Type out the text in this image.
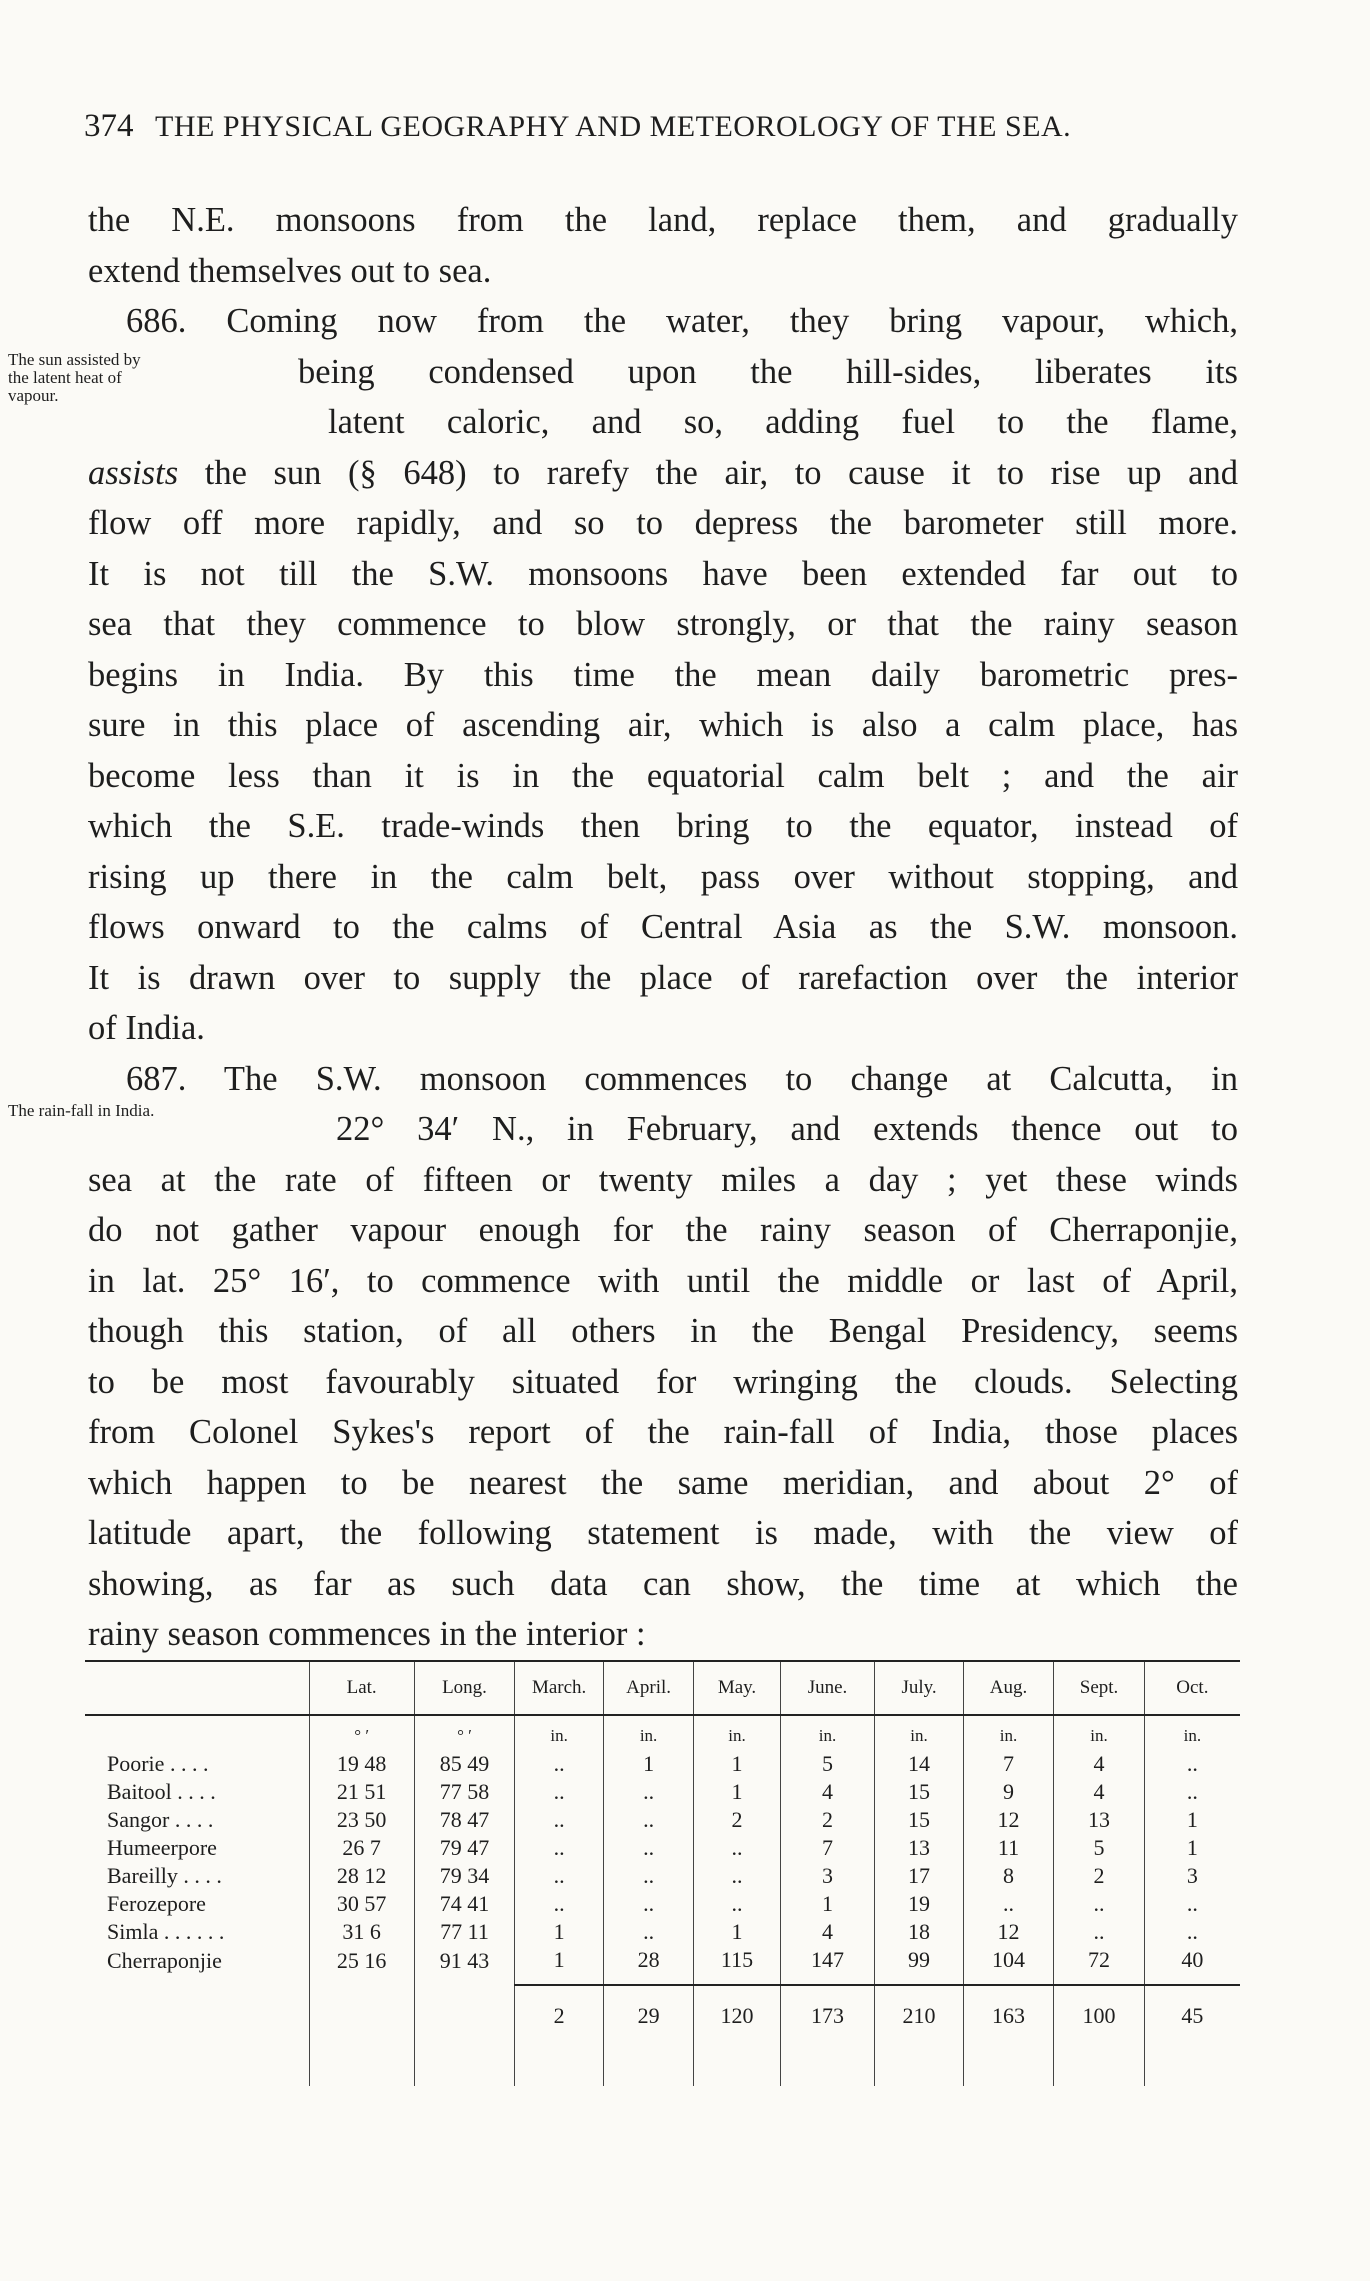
374 THE PHYSICAL GEOGRAPHY AND METEOROLOGY OF THE SEA.
the N.E. monsoons from the land, replace them, and gradually
extend themselves out to sea.
686. Coming now from the water, they bring vapour, which,
being condensed upon the hill-sides, liberates its
latent caloric, and so, adding fuel to the flame,
assists the sun (§ 648) to rarefy the air, to cause it to rise up and
flow off more rapidly, and so to depress the barometer still more.
It is not till the S.W. monsoons have been extended far out to
sea that they commence to blow strongly, or that the rainy season
begins in India. By this time the mean daily barometric pres-
sure in this place of ascending air, which is also a calm place, has
become less than it is in the equatorial calm belt ; and the air
which the S.E. trade-winds then bring to the equator, instead of
rising up there in the calm belt, pass over without stopping, and
flows onward to the calms of Central Asia as the S.W. monsoon.
It is drawn over to supply the place of rarefaction over the interior
of India.
687. The S.W. monsoon commences to change at Calcutta, in
22° 34′ N., in February, and extends thence out to
sea at the rate of fifteen or twenty miles a day ; yet these winds
do not gather vapour enough for the rainy season of Cherraponjie,
in lat. 25° 16′, to commence with until the middle or last of April,
though this station, of all others in the Bengal Presidency, seems
to be most favourably situated for wringing the clouds. Selecting
from Colonel Sykes's report of the rain-fall of India, those places
which happen to be nearest the same meridian, and about 2° of
latitude apart, the following statement is made, with the view of
showing, as far as such data can show, the time at which the
rainy season commences in the interior :
The sun assisted by
the latent heat of
vapour.
The rain-fall in India.
	Lat.	Long.	March.	April.	May.	June.	July.	Aug.	Sept.	Oct.
	° ′	° ′	in.	in.	in.	in.	in.	in.	in.	in.
Poorie . . . .	19 48	85 49	..	1	1	5	14	7	4	..
Baitool . . . .	21 51	77 58	..	..	1	4	15	9	4	..
Sangor . . . .	23 50	78 47	..	..	2	2	15	12	13	1
Humeerpore	26 7	79 47	..	..	..	7	13	11	5	1
Bareilly . . . .	28 12	79 34	..	..	..	3	17	8	2	3
Ferozepore	30 57	74 41	..	..	..	1	19	..	..	..
Simla . . . . . .	31 6	77 11	1	..	1	4	18	12	..	..
Cherraponjie	25 16	91 43	1	28	115	147	99	104	72	40
			2	29	120	173	210	163	100	45
